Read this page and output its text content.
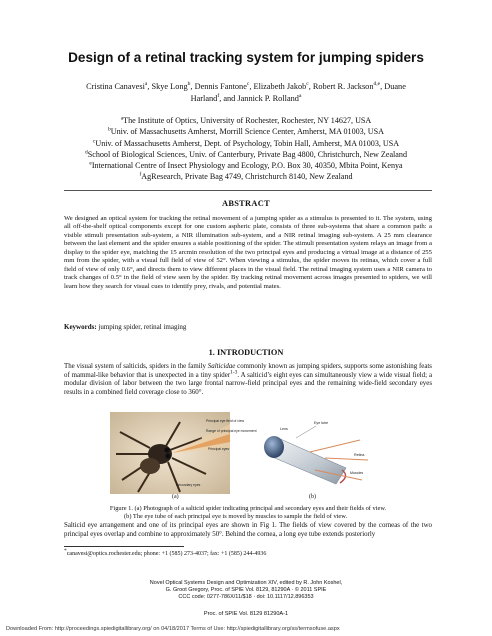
Design of a retinal tracking system for jumping spiders
Cristina Canavesi$^a$, Skye Long$^b$, Dennis Fantone$^c$, Elizabeth Jakob$^c$, Robert R. Jackson$^{d,e}$, Duane
Harland$^f$, and Jannick P. Rolland$^a$
$^a$The Institute of Optics, University of Rochester, Rochester, NY 14627, USA
$^b$Univ. of Massachusetts Amherst, Morrill Science Center, Amherst, MA 01003, USA
$^c$Univ. of Massachusetts Amherst, Dept. of Psychology, Tobin Hall, Amherst, MA 01003, USA
$^d$School of Biological Sciences, Univ. of Canterbury, Private Bag 4800, Christchurch, New Zealand
$^e$International Centre of Insect Physiology and Ecology, P.O. Box 30, 40350, Mbita Point, Kenya
$^f$AgResearch, Private Bag 4749, Christchurch 8140, New Zealand
ABSTRACT
We designed an optical system for tracking the retinal movement of a jumping spider as a stimulus is presented to it. The system, using all off-the-shelf optical components except for one custom aspheric plate, consists of three sub-systems that share a common path: a visible stimuli presentation sub-system, a NIR illumination sub-system, and a NIR retinal imaging sub-system. A 25 mm clearance between the last element and the spider ensures a stable positioning of the spider. The stimuli presentation system relays an image from a display to the spider eye, matching the 15 arcmin resolution of the two principal eyes and producing a virtual image at a distance of 255 mm from the spider, with a visual full field of view of 52°. When viewing a stimulus, the spider moves its retinas, which cover a full field of view of only 0.6°, and directs them to view different places in the visual field. The retinal imaging system uses a NIR camera to track changes of 0.5° in the field of view seen by the spider. By tracking retinal movement across images presented to spiders, we will learn how they search for visual cues to identify prey, rivals, and potential mates.
Keywords: jumping spider, retinal imaging
1. INTRODUCTION
The visual system of salticids, spiders in the family Salticidae commonly known as jumping spiders, supports some astonishing feats of mammal-like behavior that is unexpected in a tiny spider$^{1-3}$. A salticid’s eight eyes can simultaneously view a wide visual field; a modular division of labor between the two large frontal narrow-field principal eyes and the remaining wide-field secondary eyes results in a combined field coverage close to 360°.
Principal eye field of view
Range of principal eye movement
Principal eyes
Secondary eyes
Eye tube
Lens
Retina
Muscles
(a)	(b)
Figure 1. (a) Photograph of a salticid spider indicating principal and secondary eyes and their fields of view.
(b) The eye tube of each principal eye is moved by muscles to sample the field of view.
Salticid eye arrangement and one of its principal eyes are shown in Fig 1. The fields of view covered by the corneas of the two principal eyes overlap and combine to approximately 50°. Behind the cornea, a long eye tube extends posteriorly
*canavesi@optics.rochester.edu; phone: +1 (585) 273-4037; fax: +1 (585) 244-4936
Novel Optical Systems Design and Optimization XIV, edited by R. John Koshel,
G. Groot Gregory, Proc. of SPIE Vol. 8129, 81290A · © 2011 SPIE
CCC code: 0277-786X/11/$18 · doi: 10.1117/12.896353
Proc. of SPIE Vol. 8129 81290A-1
Downloaded From: http://proceedings.spiedigitallibrary.org/ on 04/18/2017 Terms of Use: http://spiedigitallibrary.org/ss/termsofuse.aspx
